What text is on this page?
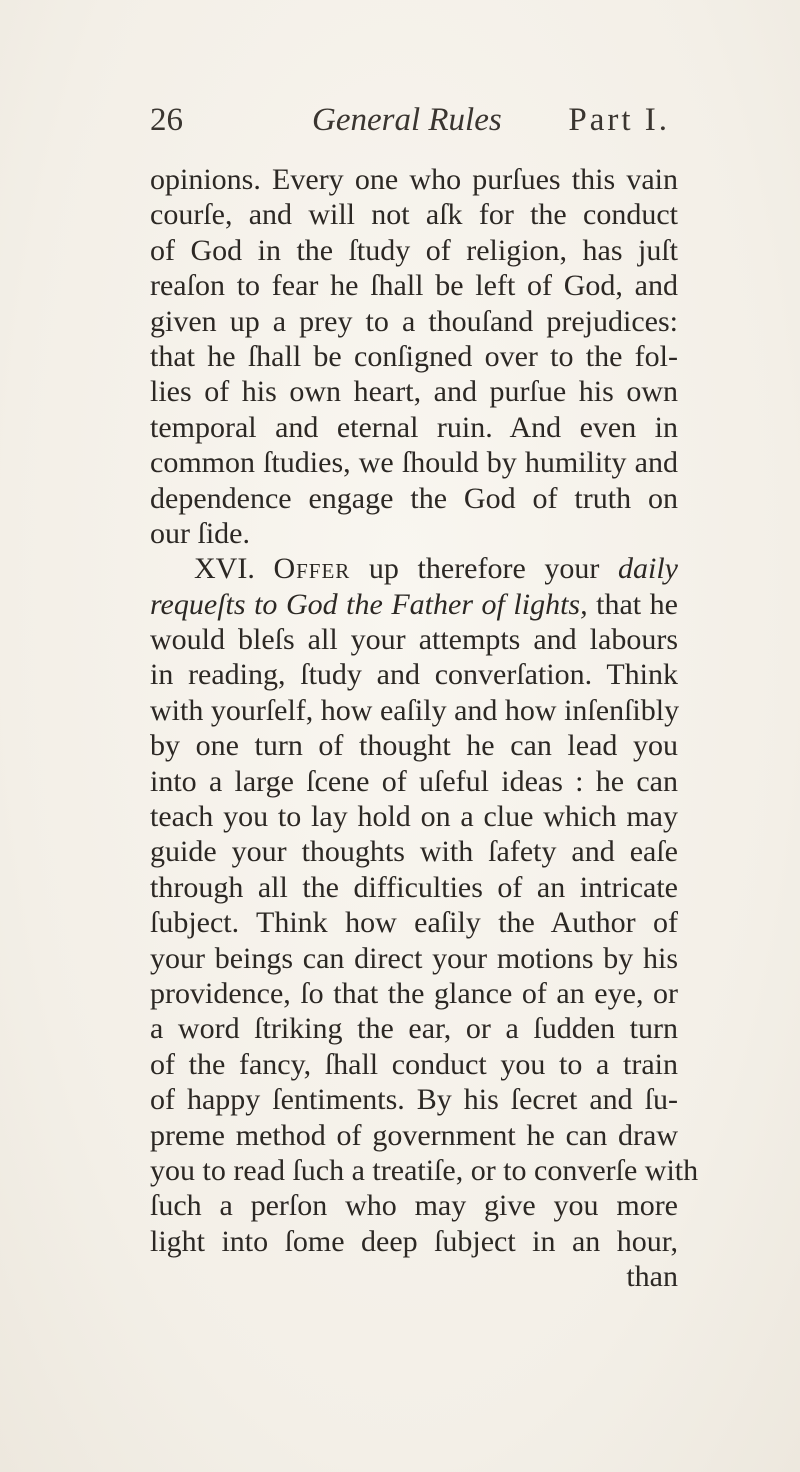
26	General Rules Part I.
opinions. Every one who purſues this vain
courſe, and will not aſk for the conduct
of God in the ſtudy of religion, has juſt
reaſon to fear he ſhall be left of God, and
given up a prey to a thouſand prejudices:
that he ſhall be conſigned over to the fol-
lies of his own heart, and purſue his own
temporal and eternal ruin. And even in
common ſtudies, we ſhould by humility and
dependence engage the God of truth on
our ſide.
XVI. Offer up therefore your daily
requeſts to God the Father of lights, that he
would bleſs all your attempts and labours
in reading, ſtudy and converſation. Think
with yourſelf, how eaſily and how inſenſibly
by one turn of thought he can lead you
into a large ſcene of uſeful ideas : he can
teach you to lay hold on a clue which may
guide your thoughts with ſafety and eaſe
through all the difficulties of an intricate
ſubject. Think how eaſily the Author of
your beings can direct your motions by his
providence, ſo that the glance of an eye, or
a word ſtriking the ear, or a ſudden turn
of the fancy, ſhall conduct you to a train
of happy ſentiments. By his ſecret and ſu-
preme method of government he can draw
you to read ſuch a treatiſe, or to converſe with
ſuch a perſon who may give you more
light into ſome deep ſubject in an hour,
than
